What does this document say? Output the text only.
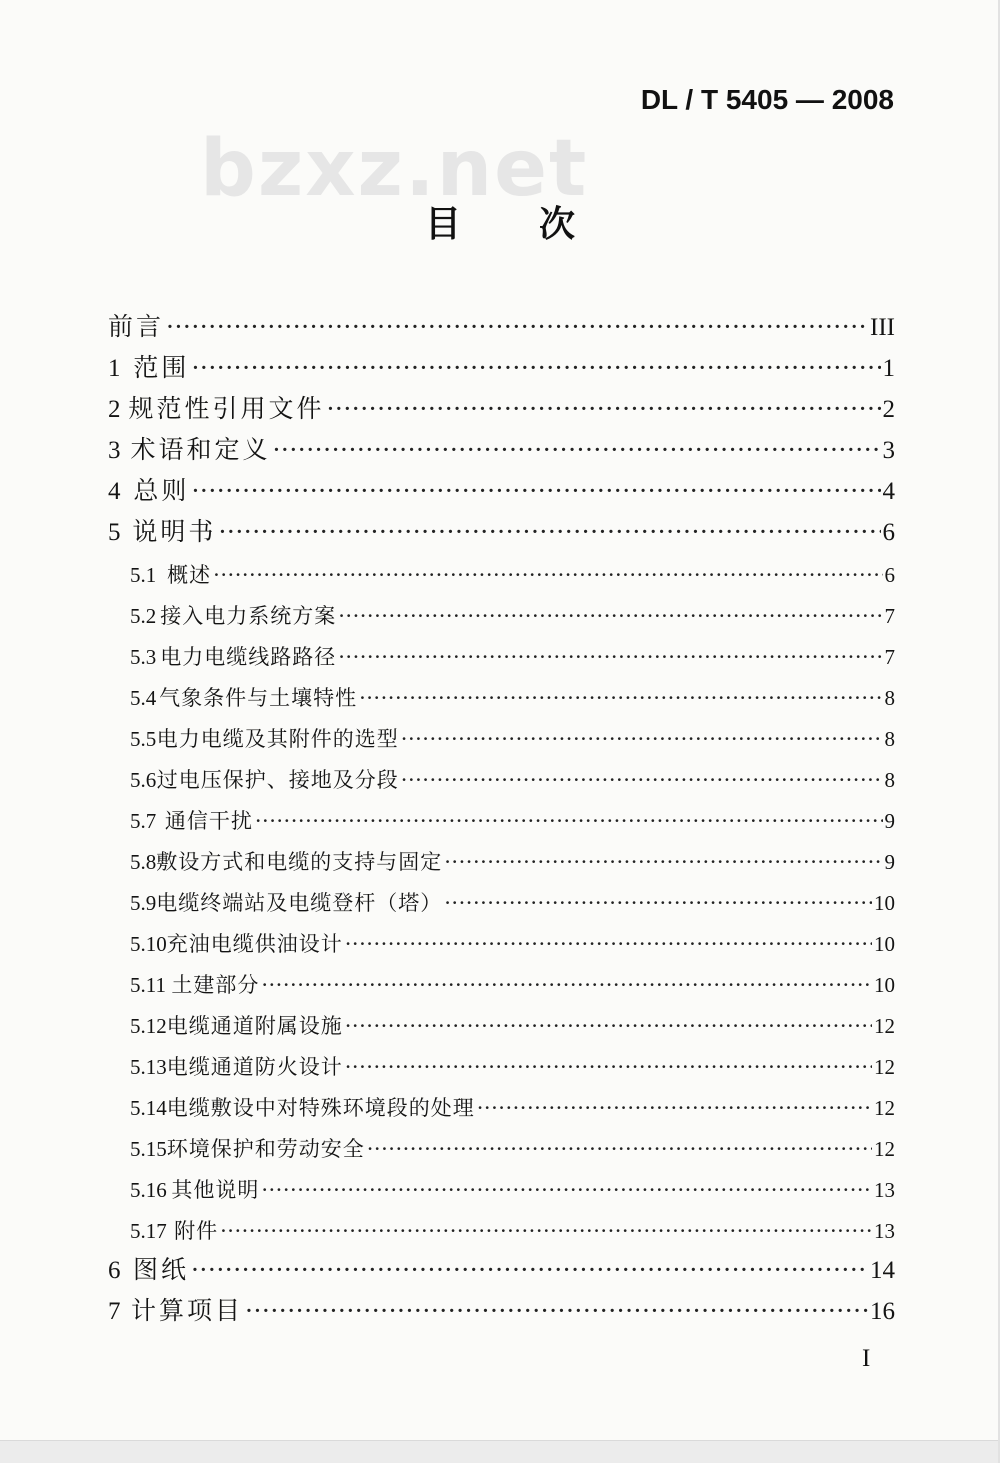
bzxz.net
DL / T 5405 — 2008
目 次
前言 ·····	III
1 范围 ·····	1
2 规范性引用文件 ·····	2
3 术语和定义 ·····	3
4 总则 ·····	4
5 说明书 ·····	6
5.1 概述 ·····	6
5.2 接入电力系统方案 ·····	7
5.3 电力电缆线路路径 ·····	7
5.4 气象条件与土壤特性 ·····	8
5.5 电力电缆及其附件的选型 ·····	8
5.6 过电压保护、接地及分段 ·····	8
5.7 通信干扰 ·····	9
5.8 敷设方式和电缆的支持与固定 ·····	9
5.9 电缆终端站及电缆登杆（塔） ·····	10
5.10 充油电缆供油设计 ·····	10
5.11 土建部分 ·····	10
5.12 电缆通道附属设施 ·····	12
5.13 电缆通道防火设计 ·····	12
5.14 电缆敷设中对特殊环境段的处理 ·····	12
5.15 环境保护和劳动安全 ·····	12
5.16 其他说明 ·····	13
5.17 附件 ·····	13
6 图纸 ·····	14
7 计算项目 ·····	16
I
